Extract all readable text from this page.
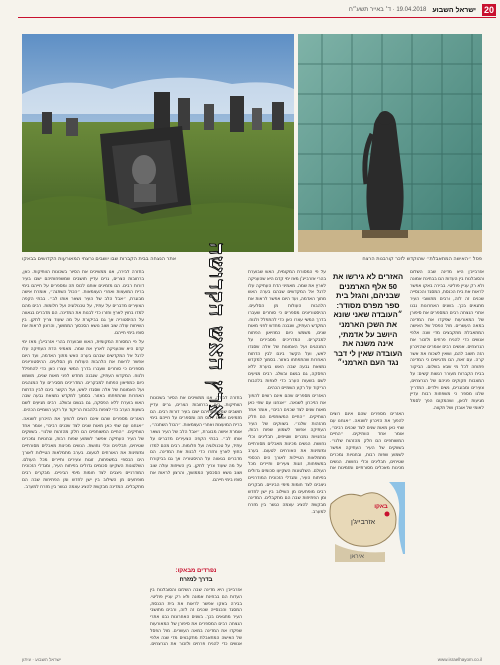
20
ישראל השבוע
19.04.2018 · ד׳ באייר תשע״ח
פסל ״האישה המתאבלת״ שהוקדש לזכר קורבנות הרצח
אתר הנצחה בבית הקברות שבו יושבים נרצחי המאורעות הקדושים בבאקו

אזרבייג'ן היא מדינה שבה השלום והסובלנות בין העדות הם בבחינת אמונה ולא רק עניין פוליטי. בבירה באקו אפשר לראות את בית הכנסת, המסגד והכנסייה שכנים זה לזה, ורבים מתושבי העיר מתגאים בכך. בשנים האחרונות נבנו אתרי הנצחה רבים המספרים את סיפורן של המאורעות שפקדו את המדינה במאה העשרים. מול הפסל של האישה המתאבלת מתקבצים מדי שנה אלפי אנשים כדי להניח פרחים ולזכור את הנרצחים. אנשים רבים אומרים שהזיכרון הזה חשוב להם, ושאין לשכוח את אשר קרה. עם זאת, הם מדגישים כי המדינה פתוחה לכל מי שבא בשלום. הביקור בבית הקברות מעורר רגשות קשים: על המצבות חקוקים פניהם של הנרצחים, צעירים ומבוגרים, נשים וילדים. המדריך שלנו מספר כי משפחות רבות עדיין מגיעות לכאן, ושהמקום הפך לסמל לאומי של אובדן ושל תקווה.

האזרים לא גירשו את 50 אלף הארמנים שבניהם, והגזל בית ספר מפרס מסודר: ״העובדה שאני שונא את השכן הארמני היושב על אדמתי, אינה משנה את העובדה שאין לי דבר נגד העם הארמני״

האזרים מספרים שהם אינם רוצים להפוך את הזיכרון לשנאה. ״אנחנו עם שחי כאן מאות שנים לצד שכנים רבים״, אומר אחד הוותיקים. ״החיים המשותפים הם חלק מהזהות שלנו״. בשווקים של העיר העתיקה אפשר לשמוע שפות רבות, ובחנויות נמכרים שטיחים, תבלינים וכלי נחושת. הנשים מכינות מאכלים מסורתיים ומזמינות את

אזרבייג'ן
באקו
איראן

על פי המסורת המקומית, האש שבוערת בהרי אזרבייג'ן מאז ימי קדם היא שהעניקה לארץ את שמה. מאמיני הדת העתיקה עלו לרגל אל המקדשים שבהם בערה האש מתוך האדמה, ועד היום אפשר לראות את הלהבות העולות מן הסלעים. ההיסטוריונים מספרים כי סוחרים שעברו בדרך המשי עצרו כאן כדי להתפלל ולנוח. המקדש העתיק, שנבנה מחדש לפני מאות שנים, משמש כיום כמוזיאון הפתוח למבקרים. המדריכים מסבירים על המנהגים ועל האמונות של אלה שסגדו לאש, ועל הקשר בינם לבין הדתות האחרות שהתפתחו באזור. בסמוך למקדש נמצאת גבעה שבה האש בוערת ללא הפסקה, גם בגשם ובשלג. רבים מגיעים לשם בשעות הערב כדי לצפות בלהבות הריקוד על רקע השמיים הכהים.

האזרים מספרים שהם אינם רוצים להפוך את הזיכרון לשנאה. ״אנחנו עם שחי כאן מאות שנים לצד שכנים רבים״, אומר אחד הוותיקים. ״החיים המשותפים הם חלק מהזהות שלנו״. בשווקים של העיר העתיקה אפשר לשמוע שפות רבות, ובחנויות נמכרים שטיחים, תבלינים וכלי נחושת. הנשים מכינות מאכלים מסורתיים ומזמינות את האורחים לטעום. בערב מתמלאות הטיילות לאורך הים הכספי במשפחות, זוגות צעירים ותיירים מכל העולם. השלטונות השקיעו סכומים גדולים בפיתוח העיר, ומגדלי הזכוכית המודרניים ניצבים לצד חומות מימי הביניים. מבקרים רבים מופתעים מן השילוב בין ישן לחדש ומן הפתיחות שבה הם מתקבלים. המדינה מבקשת להציג עצמה כגשר בין מזרח למערב.

ארץ האש הקדושה

בחזרה לבירה, אנו ממשיכים את הסיור בשכונות הוותיקות. כאן, ברחובות הצרים, גרים עדיין תושבים שמשפחותיהם ישבו בעיר דורות רבים. הם מזמינים אותנו לכוס תה ומספרים על חייהם בימי ברית המועצות ואחרי העצמאות. ״הכול השתנה״, אומרת אישה מבוגרת, ״אבל הלב של העיר נשאר אותו לב״. בבתי הקפה הצעירים מדברים על עתיד, על טכנולוגיה ועל חלומות. רבים מהם למדו בחוץ לארץ וחזרו כדי לבנות את המדינה. הם מדברים בגאווה על ההיסטוריה אך גם בביקורת על מה שעוד צריך לתקן. בין השיחות עולה שוב ושוב נושא הסכסוך הממושך, והרצון לראות את סופו בימי חייהם.

נפרדים מבאקו:
בדרך למזרח

אזרבייג'ן היא מדינה שבה השלום והסובלנות בין העדות הם בבחינת אמונה ולא רק עניין פוליטי. בבירה באקו אפשר לראות את בית הכנסת, המסגד והכנסייה שכנים זה לזה, ורבים מתושבי העיר מתגאים בכך. בשנים האחרונות נבנו אתרי הנצחה רבים המספרים את סיפורן של המאורעות שפקדו את המדינה במאה העשרים. מול הפסל של האישה המתאבלת מתקבצים מדי שנה אלפי אנשים כדי להניח פרחים ולזכור את הנרצחים.

בחזרה לבירה, אנו ממשיכים את הסיור בשכונות הוותיקות. כאן, ברחובות הצרים, גרים עדיין תושבים שמשפחותיהם ישבו בעיר דורות רבים. הם מזמינים אותנו לכוס תה ומספרים על חייהם בימי ברית המועצות ואחרי העצמאות. ״הכול השתנה״, אומרת אישה מבוגרת, ״אבל הלב של העיר נשאר אותו לב״. בבתי הקפה הצעירים מדברים על עתיד, על טכנולוגיה ועל חלומות. רבים מהם למדו בחוץ לארץ וחזרו כדי לבנות את המדינה. הם מדברים בגאווה על ההיסטוריה אך גם בביקורת על מה שעוד צריך לתקן. בין השיחות עולה שוב ושוב נושא הסכסוך הממושך, והרצון לראות את סופו בימי חייהם.

על פי המסורת המקומית, האש שבוערת בהרי אזרבייג'ן מאז ימי קדם היא שהעניקה לארץ את שמה. מאמיני הדת העתיקה עלו לרגל אל המקדשים שבהם בערה האש מתוך האדמה, ועד היום אפשר לראות את הלהבות העולות מן הסלעים. ההיסטוריונים מספרים כי סוחרים שעברו בדרך המשי עצרו כאן כדי להתפלל ולנוח. המקדש העתיק, שנבנה מחדש לפני מאות שנים, משמש כיום כמוזיאון הפתוח למבקרים. המדריכים מסבירים על המנהגים ועל האמונות של אלה שסגדו לאש, ועל הקשר בינם לבין הדתות האחרות שהתפתחו באזור. בסמוך למקדש נמצאת גבעה שבה האש בוערת ללא הפסקה, גם בגשם ובשלג. רבים מגיעים לשם בשעות הערב כדי לצפות בלהבות הריקוד על רקע השמיים הכהים.

האזרים מספרים שהם אינם רוצים להפוך את הזיכרון לשנאה. ״אנחנו עם שחי כאן מאות שנים לצד שכנים רבים״, אומר אחד הוותיקים. ״החיים המשותפים הם חלק מהזהות שלנו״. בשווקים של העיר העתיקה אפשר לשמוע שפות רבות, ובחנויות נמכרים שטיחים, תבלינים וכלי נחושת. הנשים מכינות מאכלים מסורתיים ומזמינות את האורחים לטעום. בערב מתמלאות הטיילות לאורך הים הכספי במשפחות, זוגות צעירים ותיירים מכל העולם. השלטונות השקיעו סכומים גדולים בפיתוח העיר, ומגדלי הזכוכית המודרניים ניצבים לצד חומות מימי הביניים. מבקרים רבים מופתעים מן השילוב בין ישן לחדש ומן הפתיחות שבה הם מתקבלים. המדינה מבקשת להציג עצמה כגשר בין מזרח למערב.

www.israelhayom.co.il
ישראל השבוע · עיתון
